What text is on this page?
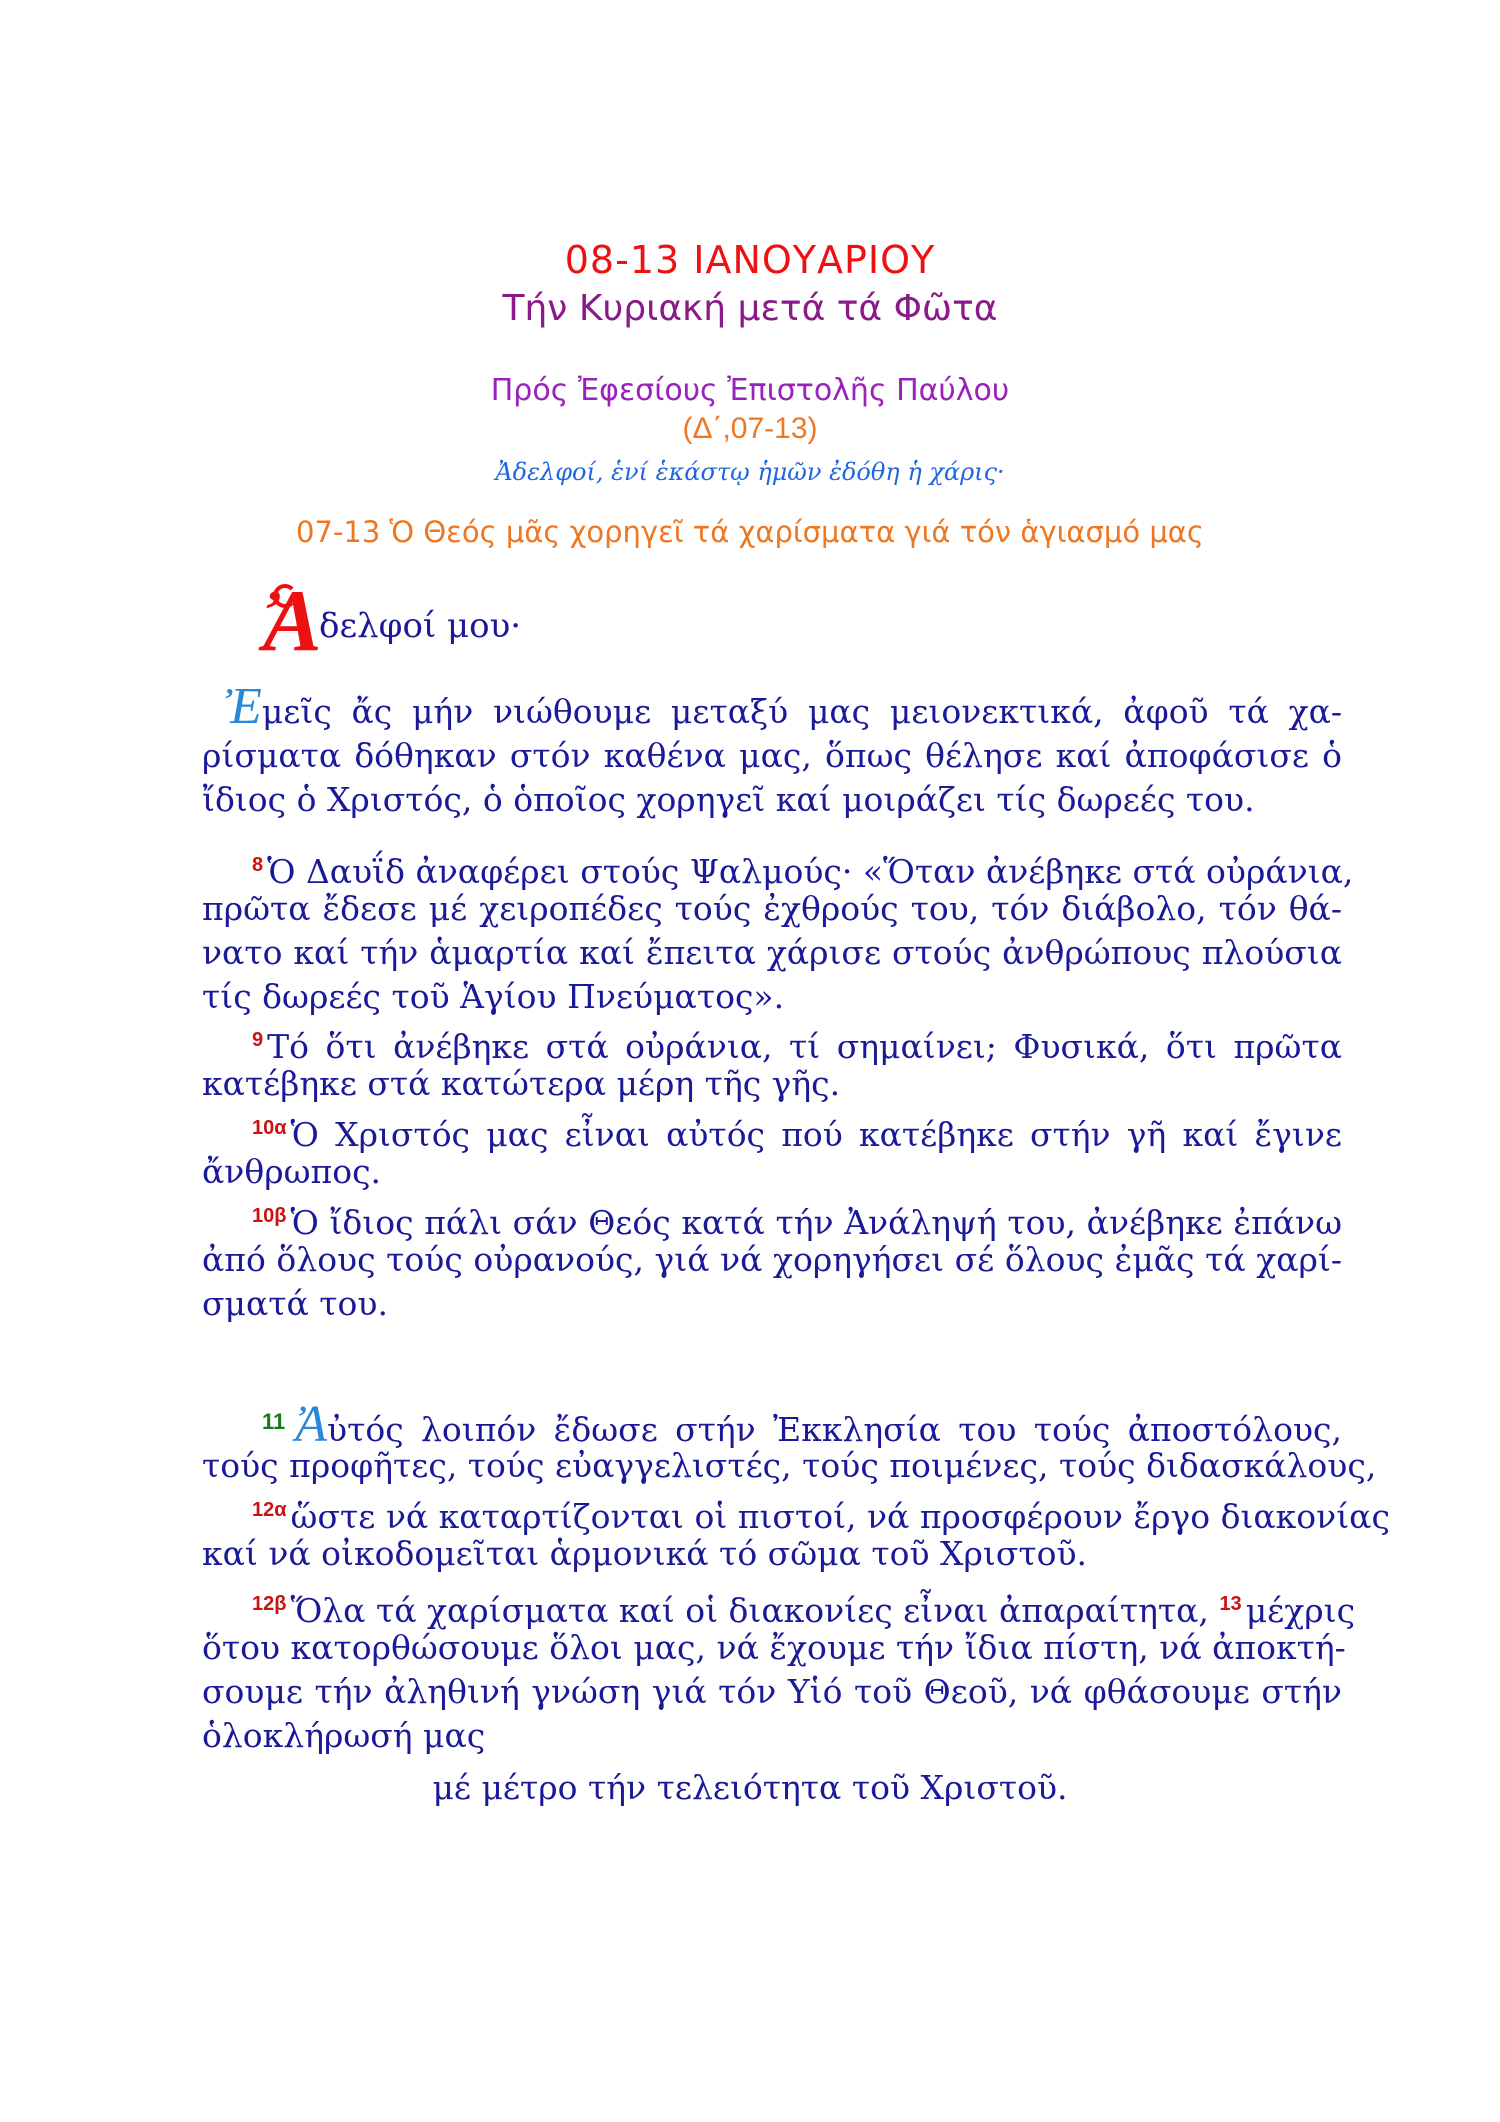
08-13 ΙΑΝΟΥΑΡΙΟΥ
Τήν Κυριακή μετά τά Φῶτα
Πρός Ἐφεσίους Ἐπιστολῆς Παύλου
(Δ΄,07-13)
Ἀδελφοί, ἑνί ἑκάστῳ ἡμῶν ἐδόθη ἡ χάρις·
07-13 Ὁ Θεός μᾶς χορηγεῖ τά χαρίσματα γιά τόν ἁγιασμό μας
Ἀ
δελφοί μου·
Ἐμεῖς ἄς μήν νιώθουμε μεταξύ μας μειονεκτικά, ἀφοῦ τά χα-
ρίσματα δόθηκαν στόν καθένα μας, ὅπως θέλησε καί ἀποφάσισε ὁ
ἴδιος ὁ Χριστός, ὁ ὁποῖος χορηγεῖ καί μοιράζει τίς δωρεές του.
$^8$ Ὁ Δαυΐδ ἀναφέρει στούς Ψαλμούς· «Ὅταν ἀνέβηκε στά οὐράνια,
πρῶτα ἔδεσε μέ χειροπέδες τούς ἐχθρούς του, τόν διάβολο, τόν θά-
νατο καί τήν ἁμαρτία καί ἔπειτα χάρισε στούς ἀνθρώπους πλούσια
τίς δωρεές τοῦ Ἁγίου Πνεύματος».
$^9$ Τό ὅτι ἀνέβηκε στά οὐράνια, τί σημαίνει; Φυσικά, ὅτι πρῶτα
κατέβηκε στά κατώτερα μέρη τῆς γῆς.
$^{10\alpha}$ Ὁ Χριστός μας εἶναι αὐτός πού κατέβηκε στήν γῆ καί ἔγινε
ἄνθρωπος.
$^{10\beta}$ Ὁ ἴδιος πάλι σάν Θεός κατά τήν Ἀνάληψή του, ἀνέβηκε ἐπάνω
ἀπό ὅλους τούς οὐρανούς, γιά νά χορηγήσει σέ ὅλους ἐμᾶς τά χαρί-
σματά του.
$^{11}$ Ἀὐτός λοιπόν ἔδωσε στήν Ἐκκλησία του τούς ἀποστόλους,
τούς προφῆτες, τούς εὐαγγελιστές, τούς ποιμένες, τούς διδασκάλους,
$^{12\alpha}$ ὥστε νά καταρτίζονται οἱ πιστοί, νά προσφέρουν ἔργο διακονίας
καί νά οἰκοδομεῖται ἁρμονικά τό σῶμα τοῦ Χριστοῦ.
$^{12\beta}$ Ὅλα τά χαρίσματα καί οἱ διακονίες εἶναι ἀπαραίτητα, $^{13}$ μέχρις
ὅτου κατορθώσουμε ὅλοι μας, νά ἔχουμε τήν ἴδια πίστη, νά ἀποκτή-
σουμε τήν ἀληθινή γνώση γιά τόν Υἱό τοῦ Θεοῦ, νά φθάσουμε στήν
ὁλοκλήρωσή μας
μέ μέτρο τήν τελειότητα τοῦ Χριστοῦ.
